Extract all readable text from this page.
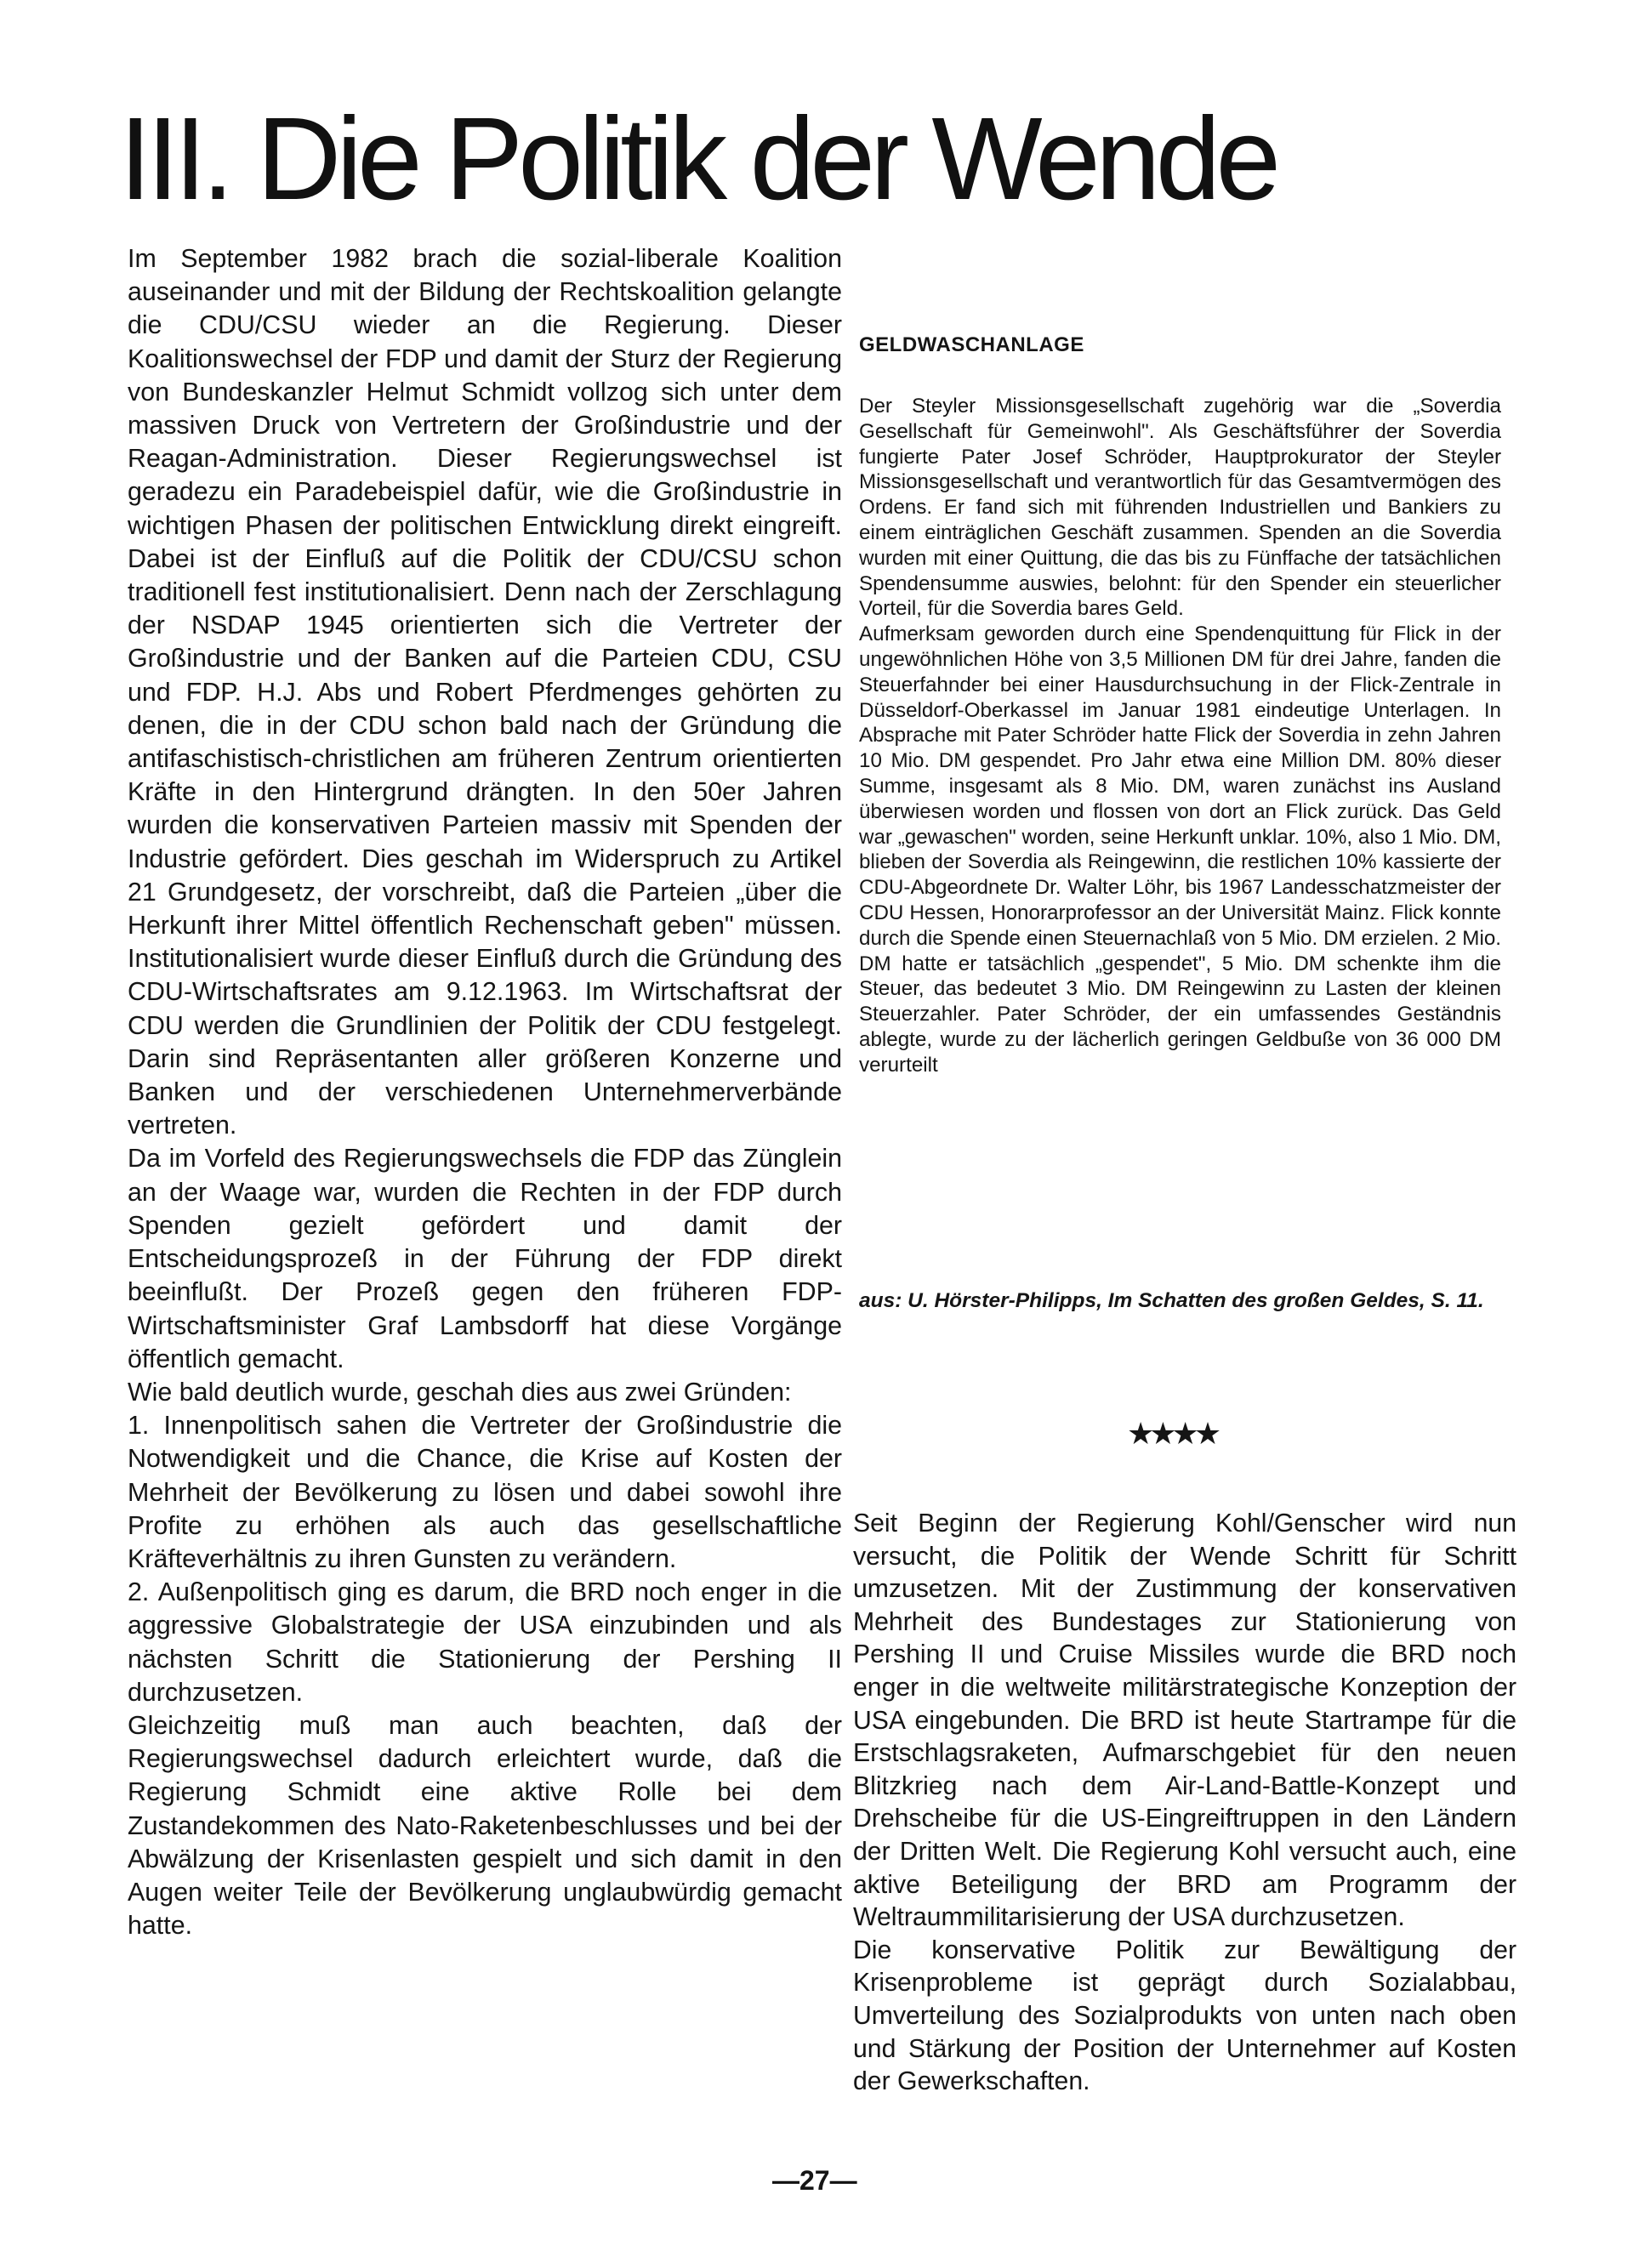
III. Die Politik der Wende

Im September 1982 brach die sozial-liberale Koalition auseinander und mit der Bildung der Rechtskoalition gelangte die CDU/CSU wieder an die Regierung. Dieser Koalitionswechsel der FDP und damit der Sturz der Regierung von Bundeskanzler Helmut Schmidt vollzog sich unter dem massiven Druck von Vertretern der Großindustrie und der Reagan-Administration. Dieser Regierungswechsel ist geradezu ein Paradebeispiel dafür, wie die Großindustrie in wichtigen Phasen der politischen Entwicklung direkt eingreift. Dabei ist der Einfluß auf die Politik der CDU/CSU schon traditionell fest institutionalisiert. Denn nach der Zerschlagung der NSDAP 1945 orientierten sich die Vertreter der Großindustrie und der Banken auf die Parteien CDU, CSU und FDP. H.J. Abs und Robert Pferdmenges gehörten zu denen, die in der CDU schon bald nach der Gründung die antifaschistisch-christlichen am früheren Zentrum orientierten Kräfte in den Hintergrund drängten. In den 50er Jahren wurden die konservativen Parteien massiv mit Spenden der Industrie gefördert. Dies geschah im Widerspruch zu Artikel 21 Grundgesetz, der vorschreibt, daß die Parteien „über die Herkunft ihrer Mittel öffentlich Rechenschaft geben" müssen. Institutionalisiert wurde dieser Einfluß durch die Gründung des CDU-Wirtschaftsrates am 9.12.1963. Im Wirtschaftsrat der CDU werden die Grundlinien der Politik der CDU festgelegt. Darin sind Repräsentanten aller größeren Konzerne und Banken und der verschiedenen Unternehmerverbände vertreten.

Da im Vorfeld des Regierungswechsels die FDP das Zünglein an der Waage war, wurden die Rechten in der FDP durch Spenden gezielt gefördert und damit der Entscheidungsprozeß in der Führung der FDP direkt beeinflußt. Der Prozeß gegen den früheren FDP-Wirtschaftsminister Graf Lambsdorff hat diese Vorgänge öffentlich gemacht.

Wie bald deutlich wurde, geschah dies aus zwei Gründen:

1. Innenpolitisch sahen die Vertreter der Großindustrie die Notwendigkeit und die Chance, die Krise auf Kosten der Mehrheit der Bevölkerung zu lösen und dabei sowohl ihre Profite zu erhöhen als auch das gesellschaftliche Kräfteverhältnis zu ihren Gunsten zu verändern.

2. Außenpolitisch ging es darum, die BRD noch enger in die aggressive Globalstrategie der USA einzubinden und als nächsten Schritt die Stationierung der Pershing II durchzusetzen.

Gleichzeitig muß man auch beachten, daß der Regierungswechsel dadurch erleichtert wurde, daß die Regierung Schmidt eine aktive Rolle bei dem Zustandekommen des Nato-Raketenbeschlusses und bei der Abwälzung der Krisenlasten gespielt und sich damit in den Augen weiter Teile der Bevölkerung unglaubwürdig gemacht hatte.

GELDWASCHANLAGE

Der Steyler Missionsgesellschaft zugehörig war die „Soverdia Gesellschaft für Gemeinwohl". Als Geschäftsführer der Soverdia fungierte Pater Josef Schröder, Hauptprokurator der Steyler Missionsgesellschaft und verantwortlich für das Gesamtvermögen des Ordens. Er fand sich mit führenden Industriellen und Bankiers zu einem einträglichen Geschäft zusammen. Spenden an die Soverdia wurden mit einer Quittung, die das bis zu Fünffache der tatsächlichen Spendensumme auswies, belohnt: für den Spender ein steuerlicher Vorteil, für die Soverdia bares Geld.

Aufmerksam geworden durch eine Spendenquittung für Flick in der ungewöhnlichen Höhe von 3,5 Millionen DM für drei Jahre, fanden die Steuerfahnder bei einer Hausdurchsuchung in der Flick-Zentrale in Düsseldorf-Oberkassel im Januar 1981 eindeutige Unterlagen. In Absprache mit Pater Schröder hatte Flick der Soverdia in zehn Jahren 10 Mio. DM gespendet. Pro Jahr etwa eine Million DM. 80% dieser Summe, insgesamt als 8 Mio. DM, waren zunächst ins Ausland überwiesen worden und flossen von dort an Flick zurück. Das Geld war „gewaschen" worden, seine Herkunft unklar. 10%, also 1 Mio. DM, blieben der Soverdia als Reingewinn, die restlichen 10% kassierte der CDU-Abgeordnete Dr. Walter Löhr, bis 1967 Landesschatzmeister der CDU Hessen, Honorarprofessor an der Universität Mainz. Flick konnte durch die Spende einen Steuernachlaß von 5 Mio. DM erzielen. 2 Mio. DM hatte er tatsächlich „gespendet", 5 Mio. DM schenkte ihm die Steuer, das bedeutet 3 Mio. DM Reingewinn zu Lasten der kleinen Steuerzahler. Pater Schröder, der ein umfassendes Geständnis ablegte, wurde zu der lächerlich geringen Geldbuße von 36 000 DM verurteilt

aus: U. Hörster-Philipps, Im Schatten des großen Geldes, S. 11.
★★★★

Seit Beginn der Regierung Kohl/Genscher wird nun versucht, die Politik der Wende Schritt für Schritt umzusetzen. Mit der Zustimmung der konservativen Mehrheit des Bundestages zur Stationierung von Pershing II und Cruise Missiles wurde die BRD noch enger in die weltweite militärstrategische Konzeption der USA eingebunden. Die BRD ist heute Startrampe für die Erstschlagsraketen, Aufmarschgebiet für den neuen Blitzkrieg nach dem Air-Land-Battle-Konzept und Drehscheibe für die US-Eingreiftruppen in den Ländern der Dritten Welt. Die Regierung Kohl versucht auch, eine aktive Beteiligung der BRD am Programm der Weltraummilitarisierung der USA durchzusetzen.

Die konservative Politik zur Bewältigung der Krisenprobleme ist geprägt durch Sozialabbau, Umverteilung des Sozialprodukts von unten nach oben und Stärkung der Position der Unternehmer auf Kosten der Gewerkschaften.

—27—
